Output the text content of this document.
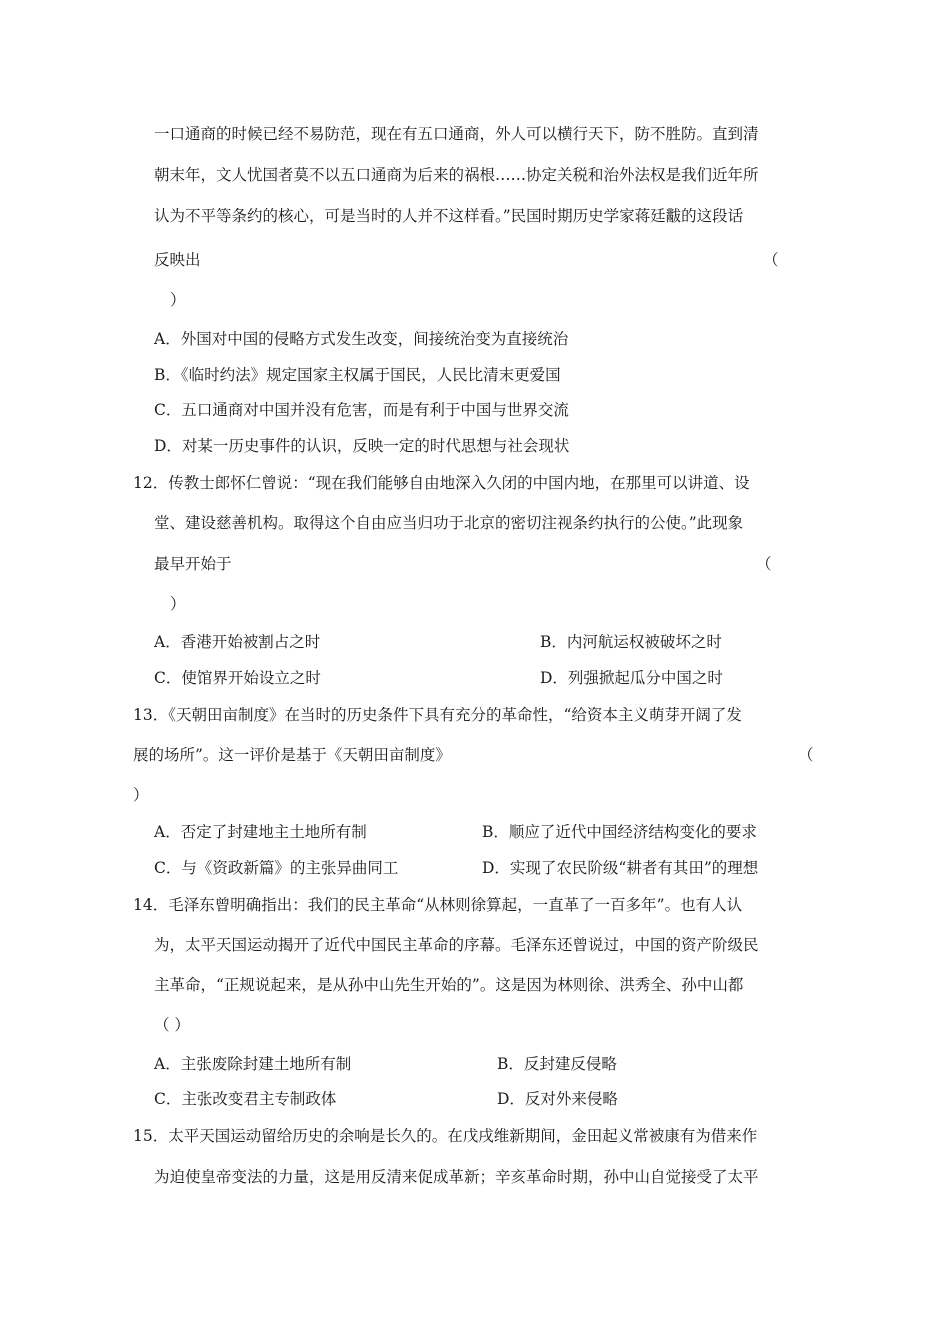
一口通商的时候已经不易防范，现在有五口通商，外人可以横行天下，防不胜防。直到清
朝末年，文人忧国者莫不以五口通商为后来的祸根……协定关税和治外法权是我们近年所
认为不平等条约的核心，可是当时的人并不这样看。”民国时期历史学家蒋廷黻的这段话
反映出	（
）
A．外国对中国的侵略方式发生改变，间接统治变为直接统治
B．《临时约法》规定国家主权属于国民，人民比清末更爱国
C．五口通商对中国并没有危害，而是有利于中国与世界交流
D．对某一历史事件的认识，反映一定的时代思想与社会现状
12．传教士郎怀仁曾说：“现在我们能够自由地深入久闭的中国内地，在那里可以讲道、设
堂、建设慈善机构。取得这个自由应当归功于北京的密切注视条约执行的公使。”此现象
最早开始于	（
）
A．香港开始被割占之时	B．内河航运权被破坏之时
C．使馆界开始设立之时	D．列强掀起瓜分中国之时
13．《天朝田亩制度》在当时的历史条件下具有充分的革命性，“给资本主义萌芽开阔了发
展的场所”。这一评价是基于《天朝田亩制度》	（
）
A．否定了封建地主土地所有制	B．顺应了近代中国经济结构变化的要求
C．与《资政新篇》的主张异曲同工	D．实现了农民阶级“耕者有其田”的理想
14．毛泽东曾明确指出：我们的民主革命“从林则徐算起，一直革了一百多年”。也有人认
为，太平天国运动揭开了近代中国民主革命的序幕。毛泽东还曾说过，中国的资产阶级民
主革命，“正规说起来，是从孙中山先生开始的”。这是因为林则徐、洪秀全、孙中山都
（ ）
A．主张废除封建土地所有制	B．反封建反侵略
C．主张改变君主专制政体	D．反对外来侵略
15．太平天国运动留给历史的余响是长久的。在戊戌维新期间，金田起义常被康有为借来作
为迫使皇帝变法的力量，这是用反清来促成革新；辛亥革命时期，孙中山自觉接受了太平
